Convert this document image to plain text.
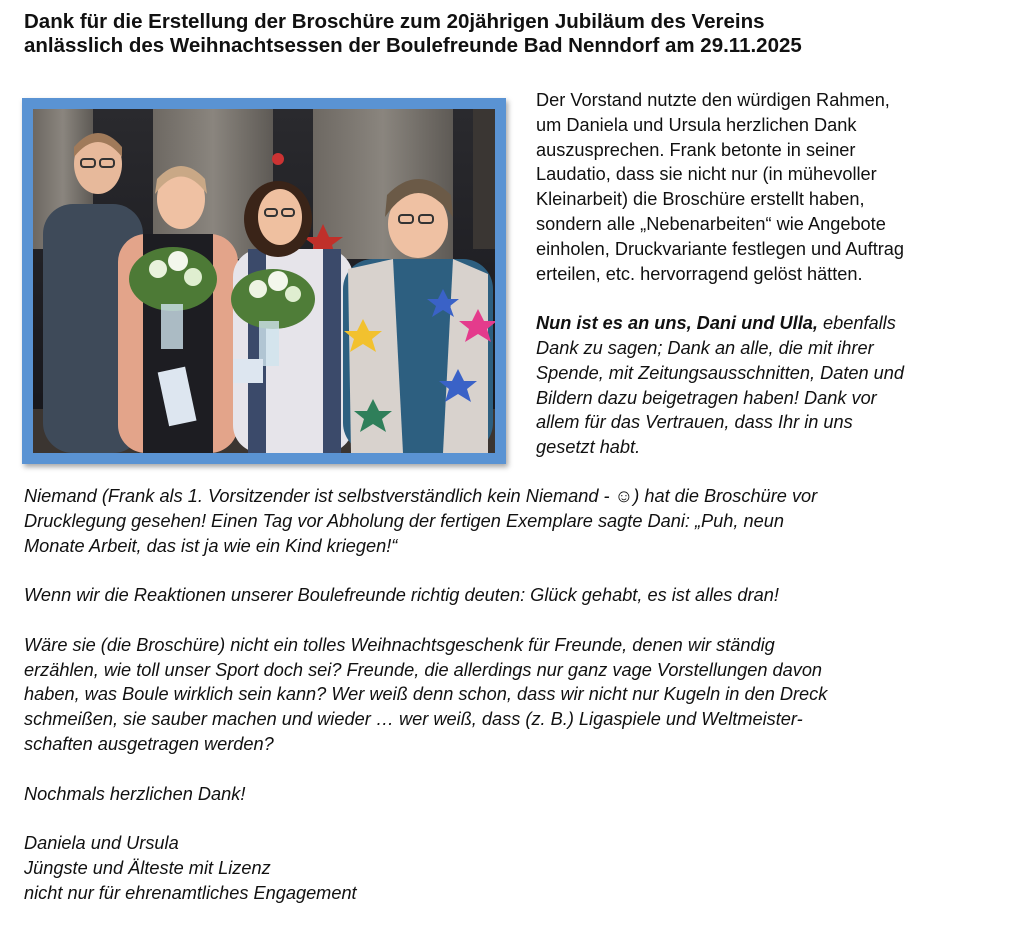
Dank für die Erstellung der Broschüre zum 20jährigen Jubiläum des Vereins
anlässlich des Weihnachtsessen der Boulefreunde Bad Nenndorf am 29.11.2025

Der Vorstand nutzte den würdigen Rahmen,
um Daniela und Ursula herzlichen Dank
auszusprechen. Frank betonte in seiner
Laudatio, dass sie nicht nur (in mühevoller
Kleinarbeit) die Broschüre erstellt haben,
sondern alle „Nebenarbeiten“ wie Angebote
einholen, Druckvariante festlegen und Auftrag
erteilen, etc. hervorragend gelöst hätten.

Nun ist es an uns, Dani und Ulla, ebenfalls
Dank zu sagen; Dank an alle, die mit ihrer
Spende, mit Zeitungsausschnitten, Daten und
Bildern dazu beigetragen haben! Dank vor
allem für das Vertrauen, dass Ihr in uns
gesetzt habt.

Niemand (Frank als 1. Vorsitzender ist selbstverständlich kein Niemand - ☺) hat die Broschüre vor
Drucklegung gesehen! Einen Tag vor Abholung der fertigen Exemplare sagte Dani: „Puh, neun
Monate Arbeit, das ist ja wie ein Kind kriegen!“

Wenn wir die Reaktionen unserer Boulefreunde richtig deuten: Glück gehabt, es ist alles dran!

Wäre sie (die Broschüre) nicht ein tolles Weihnachtsgeschenk für Freunde, denen wir ständig
erzählen, wie toll unser Sport doch sei? Freunde, die allerdings nur ganz vage Vorstellungen davon
haben, was Boule wirklich sein kann? Wer weiß denn schon, dass wir nicht nur Kugeln in den Dreck
schmeißen, sie sauber machen und wieder … wer weiß, dass (z. B.) Ligaspiele und Weltmeister-
schaften ausgetragen werden?

Nochmals herzlichen Dank!

Daniela und Ursula
Jüngste und Älteste mit Lizenz
nicht nur für ehrenamtliches Engagement
